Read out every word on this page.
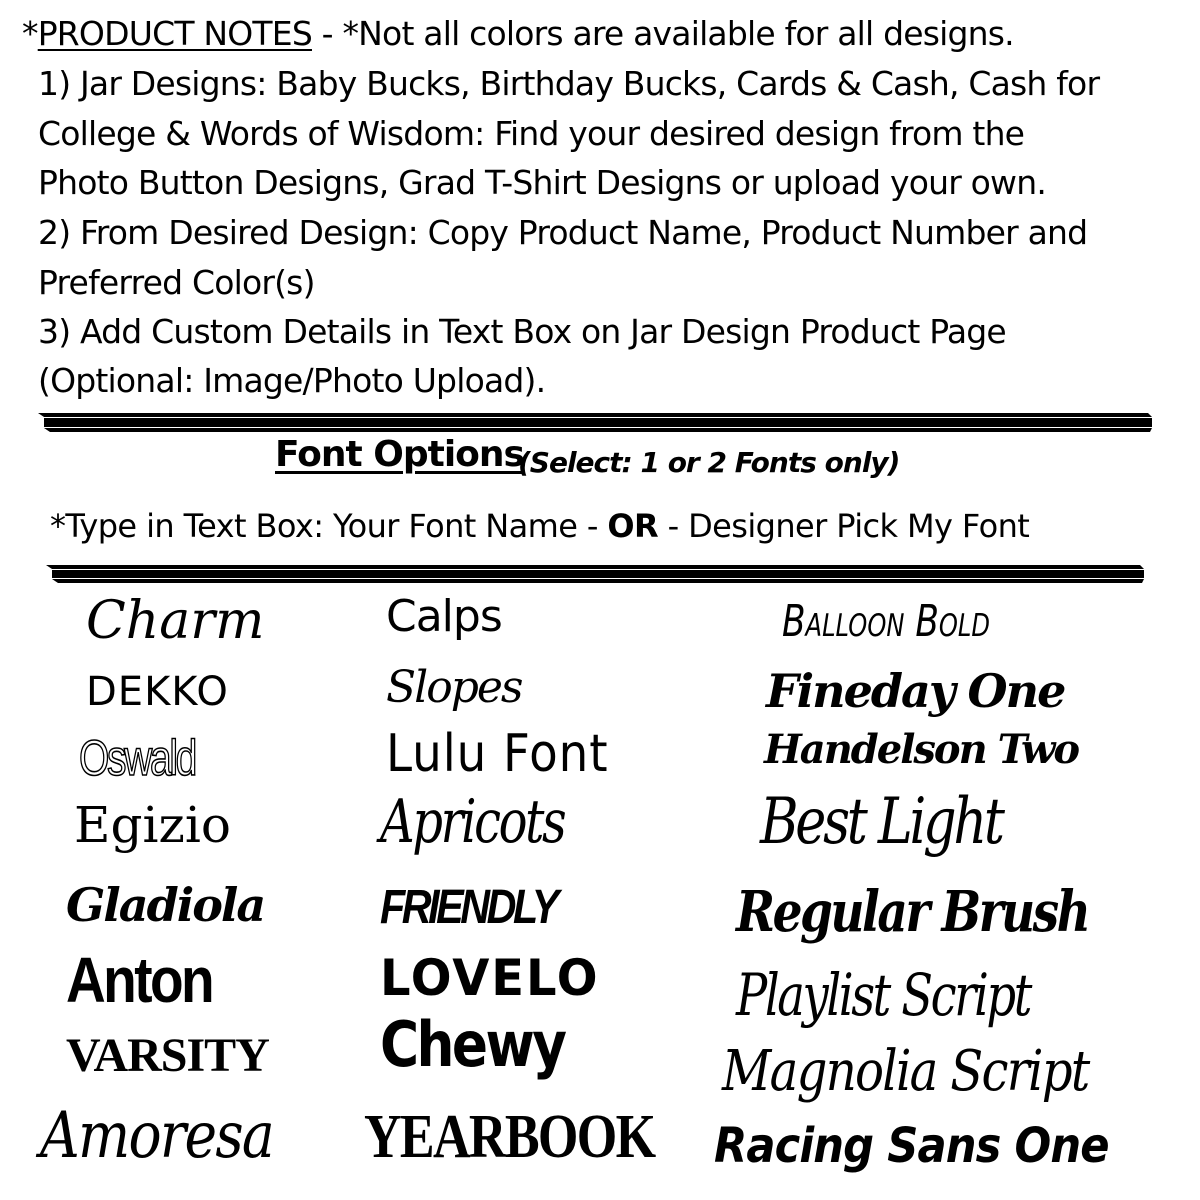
*PRODUCT NOTES - *Not all colors are available for all designs.
1) Jar Designs: Baby Bucks, Birthday Bucks, Cards & Cash, Cash for
College & Words of Wisdom: Find your desired design from the
Photo Button Designs, Grad T-Shirt Designs or upload your own.
2) From Desired Design: Copy Product Name, Product Number and
Preferred Color(s)
3) Add Custom Details in Text Box on Jar Design Product Page
(Optional: Image/Photo Upload).
Font Options
(Select: 1 or 2 Fonts only)
*Type in Text Box: Your Font Name - OR - Designer Pick My Font
Charm
DEKKO
Oswald
Egizio
Gladiola
Anton
VARSITY
Amoresa
Calps
Slopes
Lulu Font
Apricots
FRIENDLY
LOVELO
Chewy
YEARBOOK
Balloon Bold
Fineday One
Handelson Two
Best Light
Regular Brush
Playlist Script
Magnolia Script
Racing Sans One
